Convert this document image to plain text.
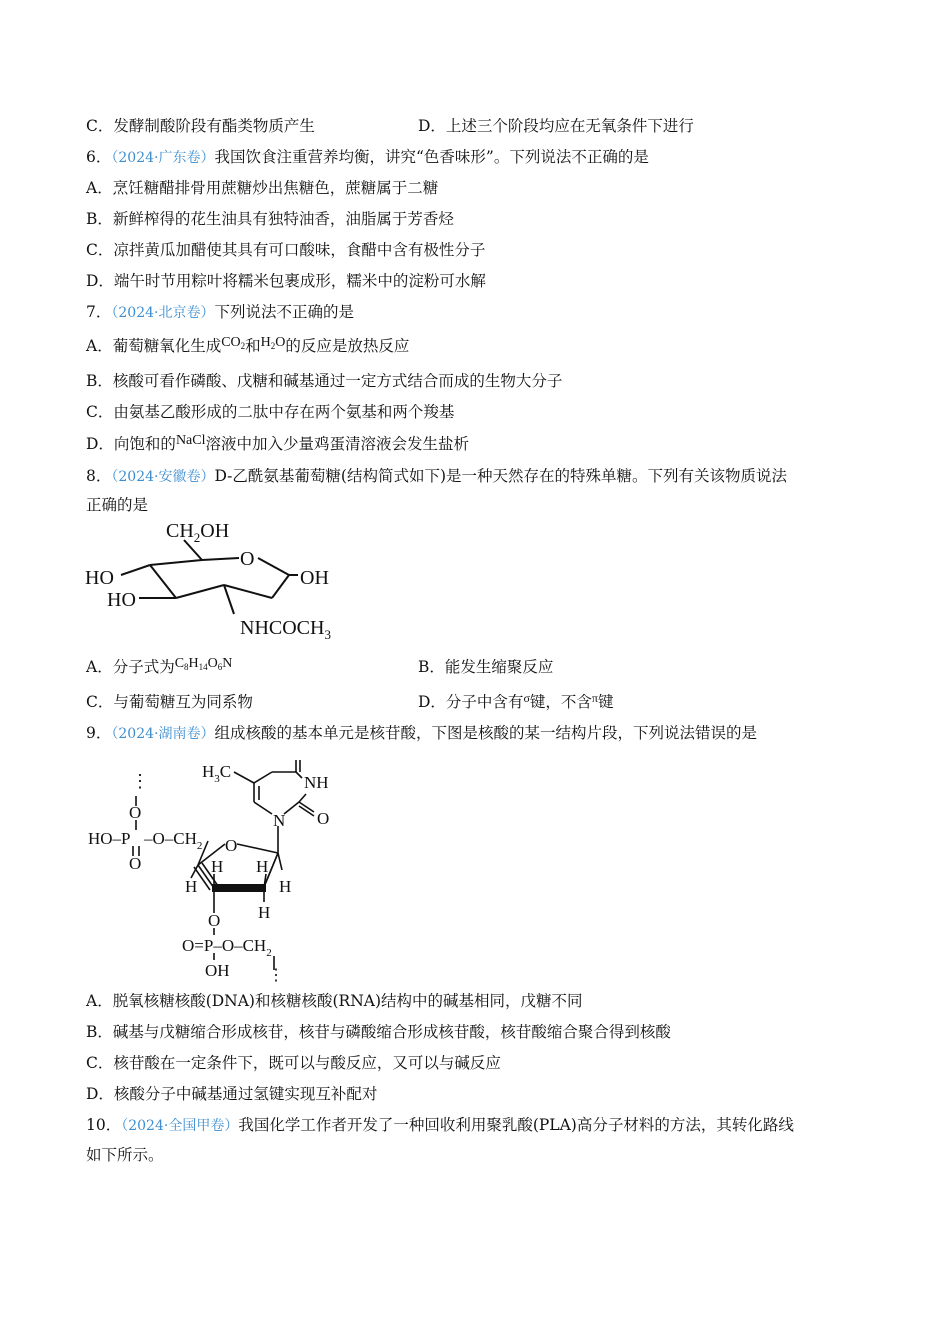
C．发酵制酸阶段有酯类物质产生	D．上述三个阶段均应在无氧条件下进行
6．（2024·广东卷）我国饮食注重营养均衡，讲究“色香味形”。下列说法不正确的是
A．烹饪糖醋排骨用蔗糖炒出焦糖色，蔗糖属于二糖
B．新鲜榨得的花生油具有独特油香，油脂属于芳香烃
C．凉拌黄瓜加醋使其具有可口酸味，食醋中含有极性分子
D．端午时节用粽叶将糯米包裹成形，糯米中的淀粉可水解
7．（2024·北京卷）下列说法不正确的是
A．葡萄糖氧化生成$CO_2$和$H_2O$的反应是放热反应
B．核酸可看作磷酸、戊糖和碱基通过一定方式结合而成的生物大分子
C．由氨基乙酸形成的二肽中存在两个氨基和两个羧基
D．向饱和的NaCl溶液中加入少量鸡蛋清溶液会发生盐析
8．（2024·安徽卷）D-乙酰氨基葡萄糖(结构简式如下)是一种天然存在的特殊单糖。下列有关该物质说法
正确的是
$CH_2OH$
O
HO
HO
OH
$NHCOCH_3$
A．分子式为$C_8H_{14}O_6N$	B．能发生缩聚反应
C．与葡萄糖互为同系物	D．分子中含有$^\sigma$键，不含$^\pi$键
9．（2024·湖南卷）组成核酸的基本单元是核苷酸，下图是核酸的某一结构片段，下列说法错误的是
⋮
O
HO–P $-O-CH_2$
O
$H_3C$
NH
N O
O
H H
H	H
H
O
$O=P-O-CH_2$
OH ⋮
A．脱氧核糖核酸(DNA)和核糖核酸(RNA)结构中的碱基相同，戊糖不同
B．碱基与戊糖缩合形成核苷，核苷与磷酸缩合形成核苷酸，核苷酸缩合聚合得到核酸
C．核苷酸在一定条件下，既可以与酸反应，又可以与碱反应
D．核酸分子中碱基通过氢键实现互补配对
10．（2024·全国甲卷）我国化学工作者开发了一种回收利用聚乳酸(PLA)高分子材料的方法，其转化路线
如下所示。
